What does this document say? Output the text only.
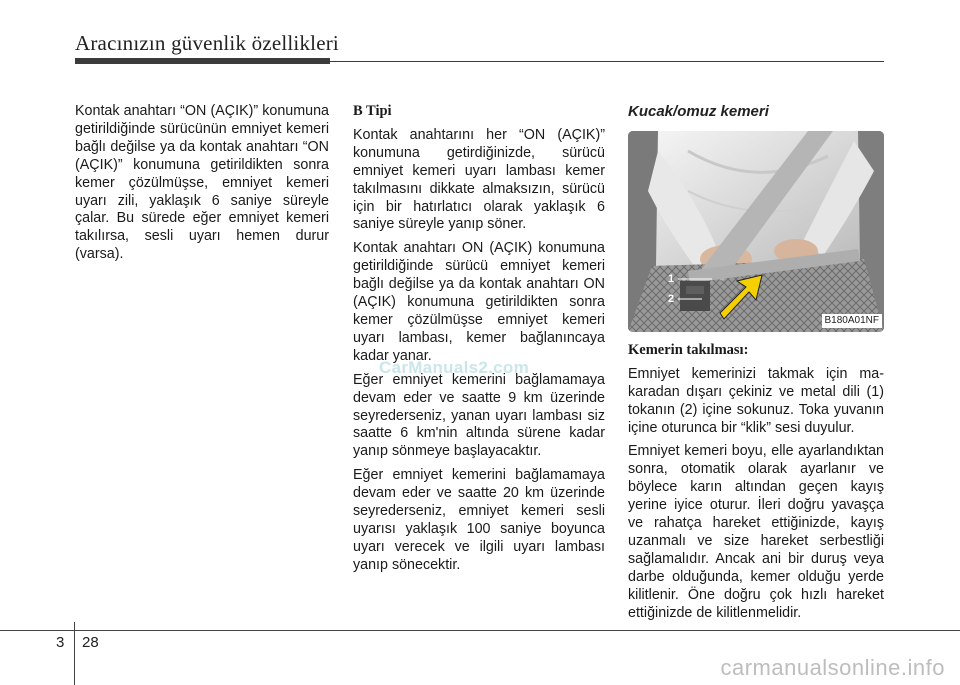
Aracınızın güvenlik özellikleri

Kontak anahtarı “ON (AÇIK)” konumuna getirildiğinde sürücünün emniyet kemeri bağlı değilse ya da kontak anahtarı “ON (AÇIK)” konumuna getirildikten sonra kemer çözülmüşse, emniyet kemeri uyarı zili, yaklaşık 6 saniye süreyle çalar. Bu sürede eğer emniyet kemeri takılırsa, sesli uyarı hemen durur (varsa).

B Tipi

Kontak anahtarını her “ON (AÇIK)” konumuna getirdiğinizde, sürücü emniyet kemeri uyarı lambası kemer takılmasını dikkate almaksızın, sürücü için bir hatırlatıcı olarak yaklaşık 6 saniye süreyle yanıp söner.

Kontak anahtarı ON (AÇIK) konumuna getirildiğinde sürücü emniyet kemeri bağlı değilse ya da kontak anahtarı ON (AÇIK) konumuna getirildikten sonra kemer çözülmüşse emniyet kemeri uyarı lambası, kemer bağlanıncaya kadar yanar.

Eğer emniyet kemerini bağlamamaya devam eder ve saatte 9 km üzerinde seyrederseniz, yanan uyarı lambası siz saatte 6 km'nin altında sürene kadar yanıp sönmeye başlayacaktır.

Eğer emniyet kemerini bağlamamaya devam eder ve saatte 20 km üzerinde seyrederseniz, emniyet kemeri sesli uyarısı yaklaşık 100 saniye boyunca uyarı verecek ve ilgili uyarı lambası yanıp sönecektir.

Kucak/omuz kemeri
1
2
B180A01NF
Kemerin takılması:

Emniyet kemerinizi takmak için makaradan dışarı çekiniz ve metal dili (1) tokanın (2) içine sokunuz. Toka yuvanın içine oturunca bir “klik” sesi duyulur.

Emniyet kemeri boyu, elle ayarlandıktan sonra, otomatik olarak ayarlanır ve böylece karın altından geçen kayış yerine iyice oturur. İleri doğru yavaşça ve rahatça hareket ettiğinizde, kayış uzanmalı ve size hareket serbestliği sağlamalıdır. Ancak ani bir duruş veya darbe olduğunda, kemer olduğu yerde kilitlenir. Öne doğru çok hızlı hareket ettiğinizde de kilitlenmelidir.

CarManuals2.com
3 28
carmanualsonline.info
